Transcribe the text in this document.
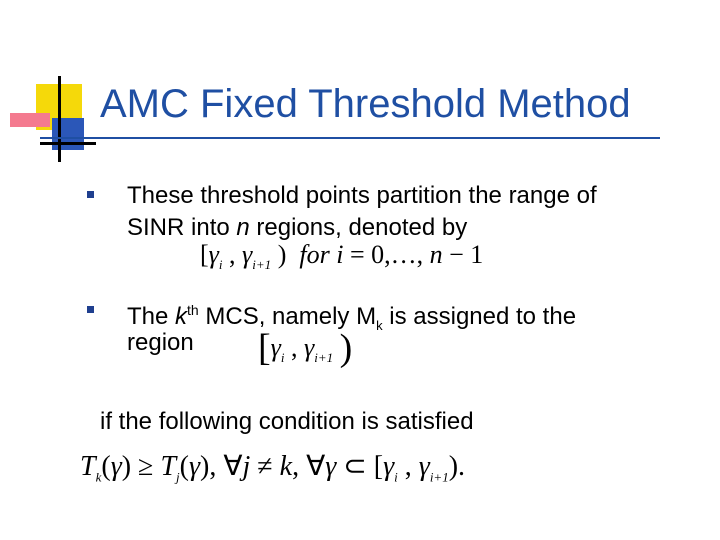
AMC Fixed Threshold Method
These threshold points partition the range of
SINR into n regions, denoted by
[$\gamma_i$ , $\gamma_{i+1}$ )  for i = 0,…, n − 1
The $k^{th}$ MCS, namely $M_k$ is assigned to the
region [$\gamma_i$ , $\gamma_{i+1}$ )
if the following condition is satisfied
$T_k(\gamma) \ge T_j(\gamma)$, ∀j ≠ k, ∀γ ⊂ [$\gamma_i$ , $\gamma_{i+1}$).
